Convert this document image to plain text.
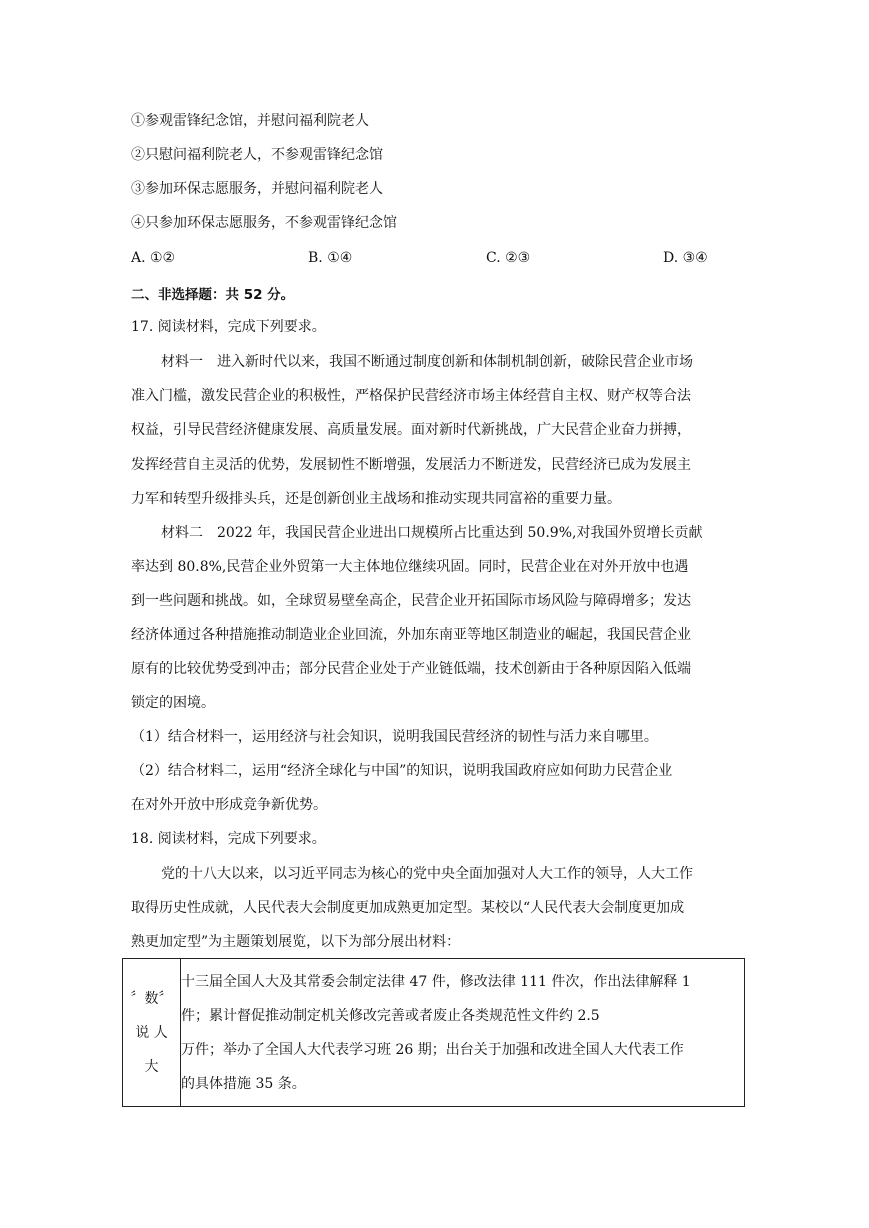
①参观雷锋纪念馆，并慰问福利院老人
②只慰问福利院老人，不参观雷锋纪念馆
③参加环保志愿服务，并慰问福利院老人
④只参加环保志愿服务，不参观雷锋纪念馆
A. ①②	B. ①④	C. ②③	D. ③④
二、非选择题：共 52 分。
17. 阅读材料，完成下列要求。
材料一　进入新时代以来，我国不断通过制度创新和体制机制创新，破除民营企业市场
准入门槛，激发民营企业的积极性，严格保护民营经济市场主体经营自主权、财产权等合法
权益，引导民营经济健康发展、高质量发展。面对新时代新挑战，广大民营企业奋力拼搏，
发挥经营自主灵活的优势，发展韧性不断增强，发展活力不断迸发，民营经济已成为发展主
力军和转型升级排头兵，还是创新创业主战场和推动实现共同富裕的重要力量。
材料二　2022 年，我国民营企业进出口规模所占比重达到 50.9%,对我国外贸增长贡献
率达到 80.8%,民营企业外贸第一大主体地位继续巩固。同时，民营企业在对外开放中也遇
到一些问题和挑战。如，全球贸易壁垒高企，民营企业开拓国际市场风险与障碍增多；发达
经济体通过各种措施推动制造业企业回流，外加东南亚等地区制造业的崛起，我国民营企业
原有的比较优势受到冲击；部分民营企业处于产业链低端，技术创新由于各种原因陷入低端
锁定的困境。
（1）结合材料一，运用经济与社会知识，说明我国民营经济的韧性与活力来自哪里。
（2）结合材料二，运用“经济全球化与中国”的知识，说明我国政府应如何助力民营企业
在对外开放中形成竞争新优势。
18. 阅读材料，完成下列要求。
党的十八大以来，以习近平同志为核心的党中央全面加强对人大工作的领导，人大工作
取得历史性成就，人民代表大会制度更加成熟更加定型。某校以“人民代表大会制度更加成
熟更加定型”为主题策划展览，以下为部分展出材料：
〞数〞
说 人
大

十三届全国人大及其常委会制定法律 47 件，修改法律 111 件次，作出法律解释 1
件；累计督促推动制定机关修改完善或者废止各类规范性文件约 2.5
万件；举办了全国人大代表学习班 26 期；出台关于加强和改进全国人大代表工作
的具体措施 35 条。
